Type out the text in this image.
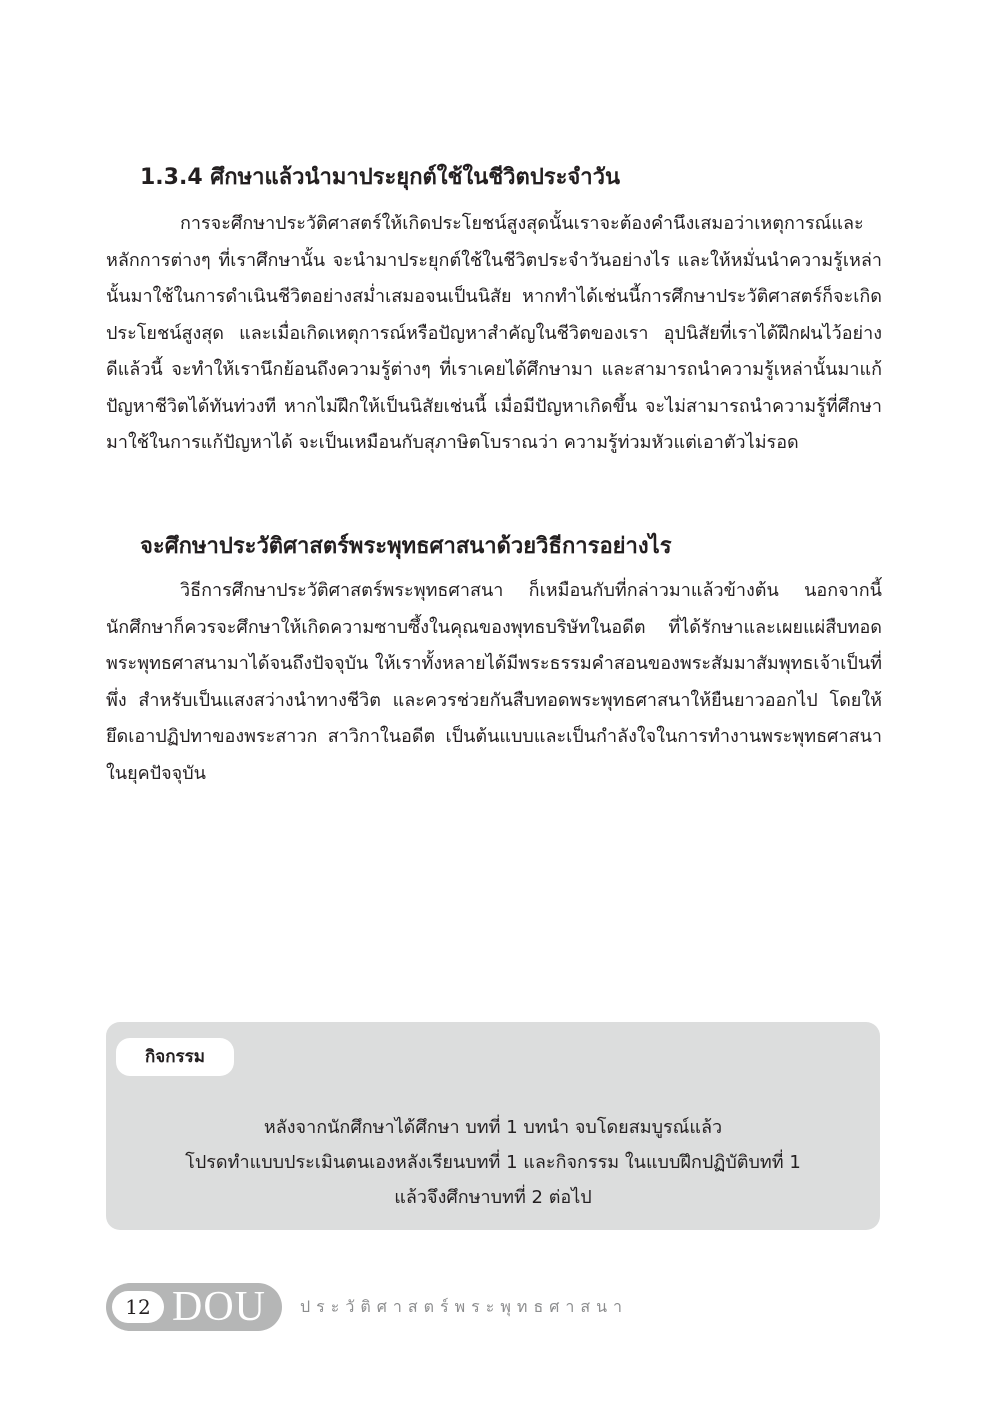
1.3.4 ศึกษาแล้วนำมาประยุกต์ใช้ในชีวิตประจำวัน

การจะศึกษาประวัติศาสตร์ให้เกิดประโยชน์สูงสุดนั้นเราจะต้องคำนึงเสมอว่าเหตุการณ์และหลักการต่างๆ ที่เราศึกษานั้น จะนำมาประยุกต์ใช้ในชีวิตประจำวันอย่างไร และให้หมั่นนำความรู้เหล่านั้นมาใช้ในการดำเนินชีวิตอย่างสม่ำเสมอจนเป็นนิสัย หากทำได้เช่นนี้การศึกษาประวัติศาสตร์ก็จะเกิดประโยชน์สูงสุด และเมื่อเกิดเหตุการณ์หรือปัญหาสำคัญในชีวิตของเรา อุปนิสัยที่เราได้ฝึกฝนไว้อย่างดีแล้วนี้ จะทำให้เรานึกย้อนถึงความรู้ต่างๆ ที่เราเคยได้ศึกษามา และสามารถนำความรู้เหล่านั้นมาแก้ปัญหาชีวิตได้ทันท่วงที หากไม่ฝึกให้เป็นนิสัยเช่นนี้ เมื่อมีปัญหาเกิดขึ้น จะไม่สามารถนำความรู้ที่ศึกษามาใช้ในการแก้ปัญหาได้ จะเป็นเหมือนกับสุภาษิตโบราณว่า ความรู้ท่วมหัวแต่เอาตัวไม่รอด

จะศึกษาประวัติศาสตร์พระพุทธศาสนาด้วยวิธีการอย่างไร

วิธีการศึกษาประวัติศาสตร์พระพุทธศาสนา ก็เหมือนกับที่กล่าวมาแล้วข้างต้น นอกจากนี้นักศึกษาก็ควรจะศึกษาให้เกิดความซาบซึ้งในคุณของพุทธบริษัทในอดีต ที่ได้รักษาและเผยแผ่สืบทอดพระพุทธศาสนามาได้จนถึงปัจจุบัน ให้เราทั้งหลายได้มีพระธรรมคำสอนของพระสัมมาสัมพุทธเจ้าเป็นที่พึ่ง สำหรับเป็นแสงสว่างนำทางชีวิต และควรช่วยกันสืบทอดพระพุทธศาสนาให้ยืนยาวออกไป โดยให้ยึดเอาปฏิปทาของพระสาวก สาวิกาในอดีต เป็นต้นแบบและเป็นกำลังใจในการทำงานพระพุทธศาสนาในยุคปัจจุบัน

กิจกรรม
หลังจากนักศึกษาได้ศึกษา บทที่ 1 บทนำ จบโดยสมบูรณ์แล้ว
โปรดทำแบบประเมินตนเองหลังเรียนบทที่ 1 และกิจกรรม ในแบบฝึกปฏิบัติบทที่ 1
แล้วจึงศึกษาบทที่ 2 ต่อไป
12 DOU ประวัติศาสตร์พระพุทธศาสนา
